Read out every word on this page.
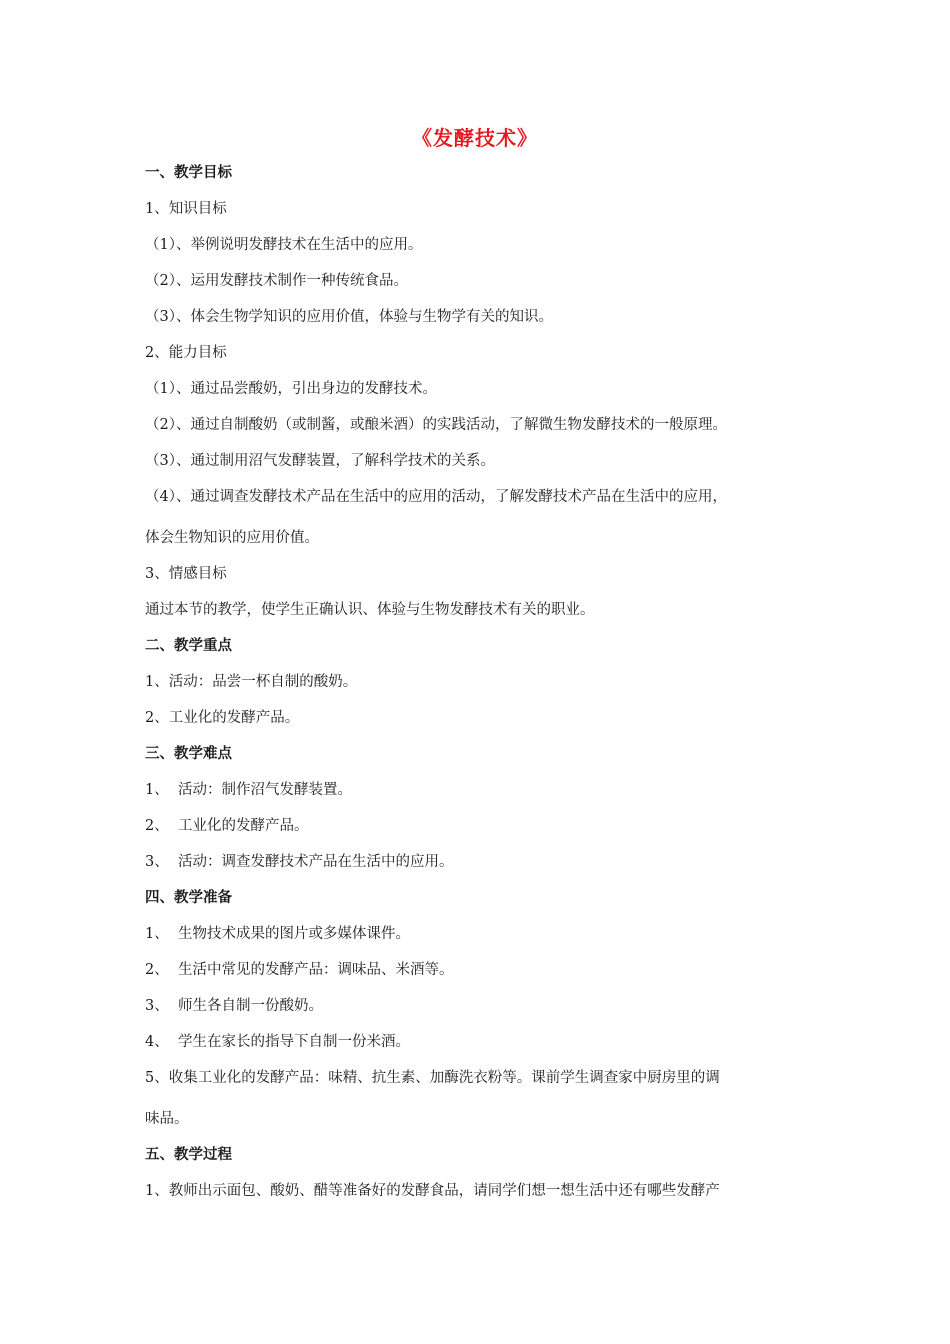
《发酵技术》
一、教学目标
1、知识目标
（1）、举例说明发酵技术在生活中的应用。
（2）、运用发酵技术制作一种传统食品。
（3）、体会生物学知识的应用价值，体验与生物学有关的知识。
2、能力目标
（1）、通过品尝酸奶，引出身边的发酵技术。
（2）、通过自制酸奶（或制酱，或酿米酒）的实践活动，了解微生物发酵技术的一般原理。
（3）、通过制用沼气发酵装置，了解科学技术的关系。
（4）、通过调查发酵技术产品在生活中的应用的活动，了解发酵技术产品在生活中的应用，
体会生物知识的应用价值。
3、情感目标
通过本节的教学，使学生正确认识、体验与生物发酵技术有关的职业。
二、教学重点
1、活动：品尝一杯自制的酸奶。
2、工业化的发酵产品。
三、教学难点
1、 活动：制作沼气发酵装置。
2、 工业化的发酵产品。
3、 活动：调查发酵技术产品在生活中的应用。
四、教学准备
1、 生物技术成果的图片或多媒体课件。
2、 生活中常见的发酵产品：调味品、米酒等。
3、 师生各自制一份酸奶。
4、 学生在家长的指导下自制一份米酒。
5、收集工业化的发酵产品：味精、抗生素、加酶洗衣粉等。课前学生调查家中厨房里的调
味品。
五、教学过程
1、教师出示面包、酸奶、醋等准备好的发酵食品，请同学们想一想生活中还有哪些发酵产
